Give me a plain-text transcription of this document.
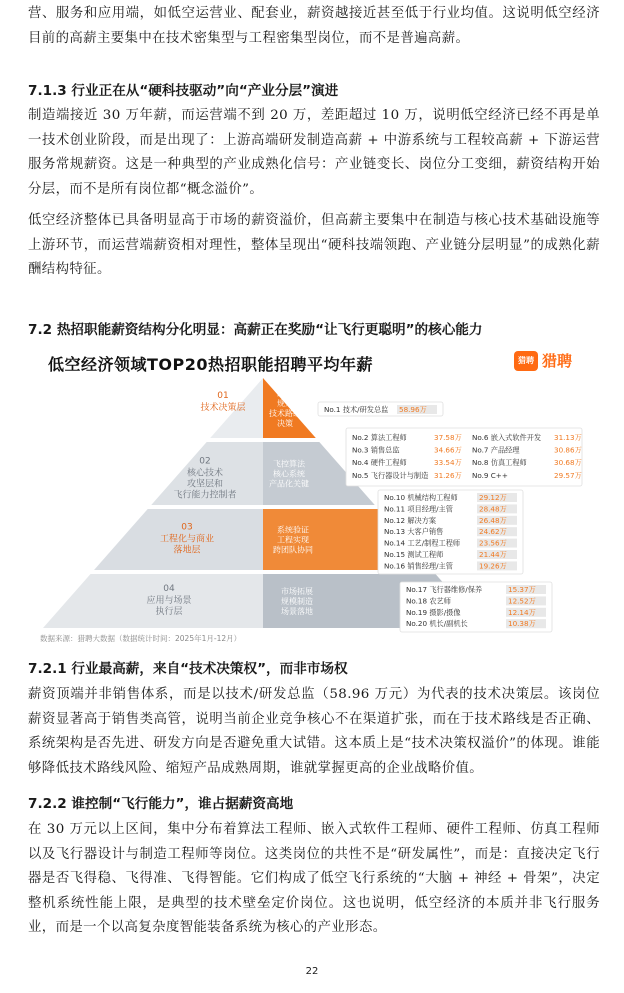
营、服务和应用端，如低空运营业、配套业，薪资越接近甚至低于行业均值。这说明低空经济目前的高薪主要集中在技术密集型与工程密集型岗位，而不是普遍高薪。
7.1.3 行业正在从“硬科技驱动”向“产业分层”演进
制造端接近 30 万年薪，而运营端不到 20 万，差距超过 10 万，说明低空经济已经不再是单一技术创业阶段，而是出现了：上游高端研发制造高薪 + 中游系统与工程较高薪 + 下游运营服务常规薪资。这是一种典型的产业成熟化信号：产业链变长、岗位分工变细，薪资结构开始分层，而不是所有岗位都“概念溢价”。
低空经济整体已具备明显高于市场的薪资溢价，但高薪主要集中在制造与核心技术基础设施等上游环节，而运营端薪资相对理性，整体呈现出“硬科技端领跑、产业链分层明显”的成熟化薪酬结构特征。
7.2 热招职能薪资结构分化明显：高薪正在奖励“让飞行更聪明”的核心能力
低空经济领域TOP20热招职能招聘平均年薪	猎聘 猎聘
01
技术决策层
战略
规划
技术路线
决策
02
核心技术
攻坚层和
飞行能力控制者
飞控算法
核心系统
产品化关键
03
工程化与商业
落地层
系统验证
工程实现
跨团队协同
04
应用与场景
执行层
市场拓展
规模制造
场景落地
No.1 技术/研发总监 58.96万
No.2 算法工程师	37.58万
No.3 销售总监	34.66万
No.4 硬件工程师	33.54万
No.5 飞行器设计与制造 31.26万
No.6 嵌入式软件开发 31.13万
No.7 产品经理	30.86万
No.8 仿真工程师	30.68万
No.9 C++	29.57万
No.10 机械结构工程师	29.12万
No.11 项目经理/主管	28.48万
No.12 解决方案	26.48万
No.13 大客户销售	24.62万
No.14 工艺/制程工程师	23.56万
No.15 测试工程师	21.44万
No.16 销售经理/主管	19.26万
No.17 飞行器维修/保养	15.37万
No.18 农艺师	12.52万
No.19 摄影/摄像	12.14万
No.20 机长/副机长	10.38万
数据来源：猎聘大数据（数据统计时间：2025年1月-12月）
7.2.1 行业最高薪，来自“技术决策权”，而非市场权
薪资顶端并非销售体系，而是以技术/研发总监（58.96 万元）为代表的技术决策层。该岗位薪资显著高于销售类高管，说明当前企业竞争核心不在渠道扩张，而在于技术路线是否正确、系统架构是否先进、研发方向是否避免重大试错。这本质上是“技术决策权溢价”的体现。谁能够降低技术路线风险、缩短产品成熟周期，谁就掌握更高的企业战略价值。
7.2.2 谁控制“飞行能力”，谁占据薪资高地
在 30 万元以上区间，集中分布着算法工程师、嵌入式软件工程师、硬件工程师、仿真工程师以及飞行器设计与制造工程师等岗位。这类岗位的共性不是“研发属性”，而是：直接决定飞行器是否飞得稳、飞得准、飞得智能。它们构成了低空飞行系统的“大脑 + 神经 + 骨架”，决定整机系统性能上限，是典型的技术壁垒定价岗位。这也说明，低空经济的本质并非飞行服务业，而是一个以高复杂度智能装备系统为核心的产业形态。
22
